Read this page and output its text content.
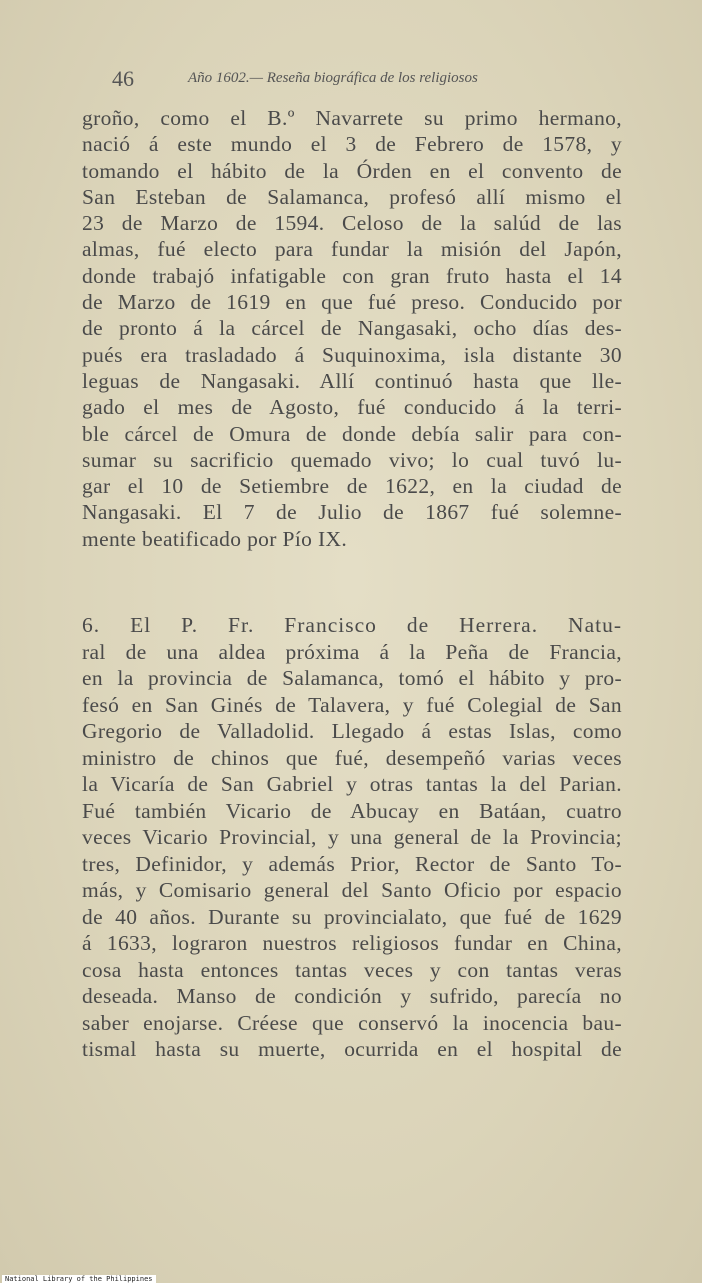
46	Año 1602.— Reseña biográfica de los religiosos
groño, como el B.º Navarrete su primo hermano,
nació á este mundo el 3 de Febrero de 1578, y
tomando el hábito de la Órden en el convento de
San Esteban de Salamanca, profesó allí mismo el
23 de Marzo de 1594. Celoso de la salúd de las
almas, fué electo para fundar la misión del Japón,
donde trabajó infatigable con gran fruto hasta el 14
de Marzo de 1619 en que fué preso. Conducido por
de pronto á la cárcel de Nangasaki, ocho días des-
pués era trasladado á Suquinoxima, isla distante 30
leguas de Nangasaki. Allí continuó hasta que lle-
gado el mes de Agosto, fué conducido á la terri-
ble cárcel de Omura de donde debía salir para con-
sumar su sacrificio quemado vivo; lo cual tuvó lu-
gar el 10 de Setiembre de 1622, en la ciudad de
Nangasaki. El 7 de Julio de 1867 fué solemne-
mente beatificado por Pío IX.
6. El P. Fr. Francisco de Herrera. Natu-
ral de una aldea próxima á la Peña de Francia,
en la provincia de Salamanca, tomó el hábito y pro-
fesó en San Ginés de Talavera, y fué Colegial de San
Gregorio de Valladolid. Llegado á estas Islas, como
ministro de chinos que fué, desempeñó varias veces
la Vicaría de San Gabriel y otras tantas la del Parian.
Fué también Vicario de Abucay en Batáan, cuatro
veces Vicario Provincial, y una general de la Provincia;
tres, Definidor, y además Prior, Rector de Santo To-
más, y Comisario general del Santo Oficio por espacio
de 40 años. Durante su provincialato, que fué de 1629
á 1633, lograron nuestros religiosos fundar en China,
cosa hasta entonces tantas veces y con tantas veras
deseada. Manso de condición y sufrido, parecía no
saber enojarse. Créese que conservó la inocencia bau-
tismal hasta su muerte, ocurrida en el hospital de
National Library of the Philippines
